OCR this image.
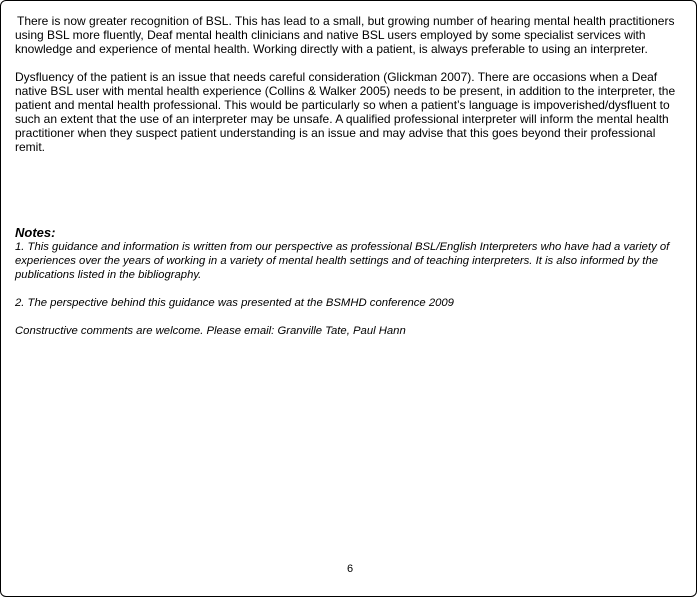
There is now greater recognition of BSL. This has lead to a small, but growing number of hearing mental health practitioners using BSL more fluently, Deaf mental health clinicians and native BSL users employed by some specialist services with knowledge and experience of mental health. Working directly with a patient, is always preferable to using an interpreter.

Dysfluency of the patient is an issue that needs careful consideration (Glickman 2007). There are occasions when a Deaf native BSL user with mental health experience (Collins & Walker 2005) needs to be present, in addition to the interpreter, the patient and mental health professional. This would be particularly so when a patient’s language is impoverished/dysfluent to such an extent that the use of an interpreter may be unsafe. A qualified professional interpreter will inform the mental health practitioner when they suspect patient understanding is an issue and may advise that this goes beyond their professional remit.

Notes:

1. This guidance and information is written from our perspective as professional BSL/English Interpreters who have had a variety of experiences over the years of working in a variety of mental health settings and of teaching interpreters. It is also informed by the publications listed in the bibliography.

2. The perspective behind this guidance was presented at the BSMHD conference 2009

Constructive comments are welcome. Please email: Granville Tate, Paul Hann

6
